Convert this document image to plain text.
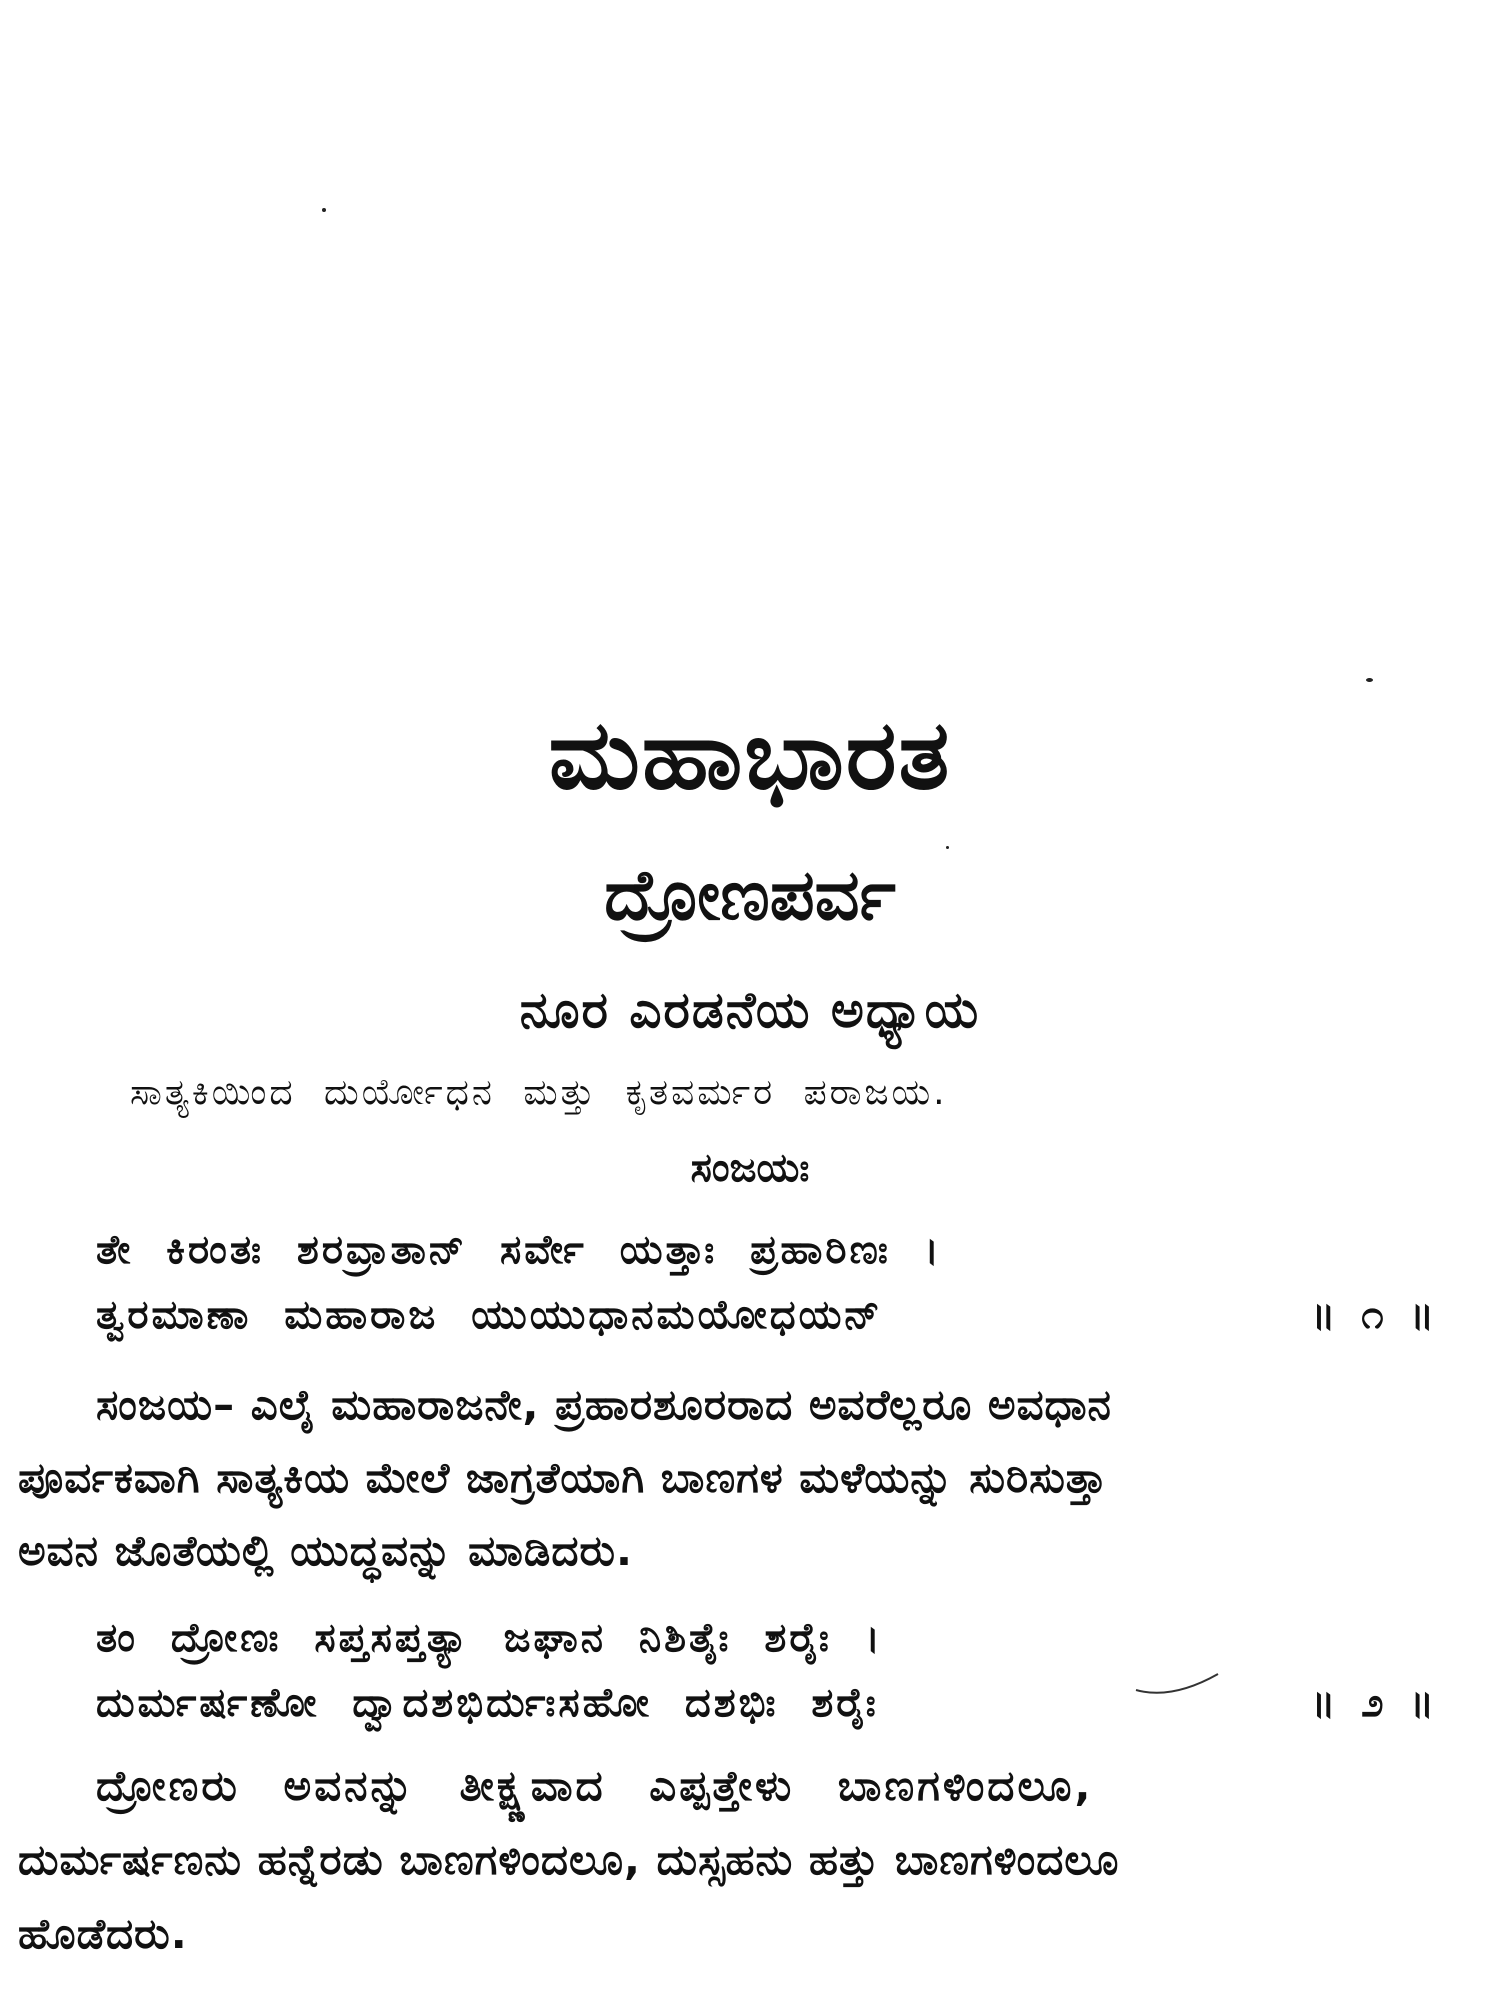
ಮಹಾಭಾರತ
ದ್ರೋಣಪರ್ವ
ನೂರ ಎರಡನೆಯ ಅಧ್ಯಾಯ
ಸಾತ್ಯಕಿಯಿಂದ ದುರ್ಯೋಧನ ಮತ್ತು ಕೃತವರ್ಮರ ಪರಾಜಯ.
ಸಂಜಯಃ
ತೇ ಕಿರಂತಃ ಶರವ್ರಾತಾನ್ ಸರ್ವೇ ಯತ್ತಾಃ ಪ್ರಹಾರಿಣಃ ।
ತ್ವರಮಾಣಾ ಮಹಾರಾಜ ಯುಯುಧಾನಮಯೋಧಯನ್	॥ ೧ ॥
ಸಂಜಯ– ಎಲೈ ಮಹಾರಾಜನೇ, ಪ್ರಹಾರಶೂರರಾದ ಅವರೆಲ್ಲರೂ ಅವಧಾನ
ಪೂರ್ವಕವಾಗಿ ಸಾತ್ಯಕಿಯ ಮೇಲೆ ಜಾಗ್ರತೆಯಾಗಿ ಬಾಣಗಳ ಮಳೆಯನ್ನು ಸುರಿಸುತ್ತಾ
ಅವನ ಜೊತೆಯಲ್ಲಿ ಯುದ್ಧವನ್ನು ಮಾಡಿದರು.
ತಂ ದ್ರೋಣಃ ಸಪ್ತಸಪ್ತತ್ಯಾ ಜಘಾನ ನಿಶಿತೈಃ ಶರೈಃ ।
ದುರ್ಮರ್ಷಣೋ ದ್ವಾದಶಭಿರ್ದುಃಸಹೋ ದಶಭಿಃ ಶರೈಃ	॥ ೨ ॥
ದ್ರೋಣರು ಅವನನ್ನು ತೀಕ್ಷ್ಣವಾದ ಎಪ್ಪತ್ತೇಳು ಬಾಣಗಳಿಂದಲೂ,
ದುರ್ಮರ್ಷಣನು ಹನ್ನೆರಡು ಬಾಣಗಳಿಂದಲೂ, ದುಸ್ಸಹನು ಹತ್ತು ಬಾಣಗಳಿಂದಲೂ
ಹೊಡೆದರು.
